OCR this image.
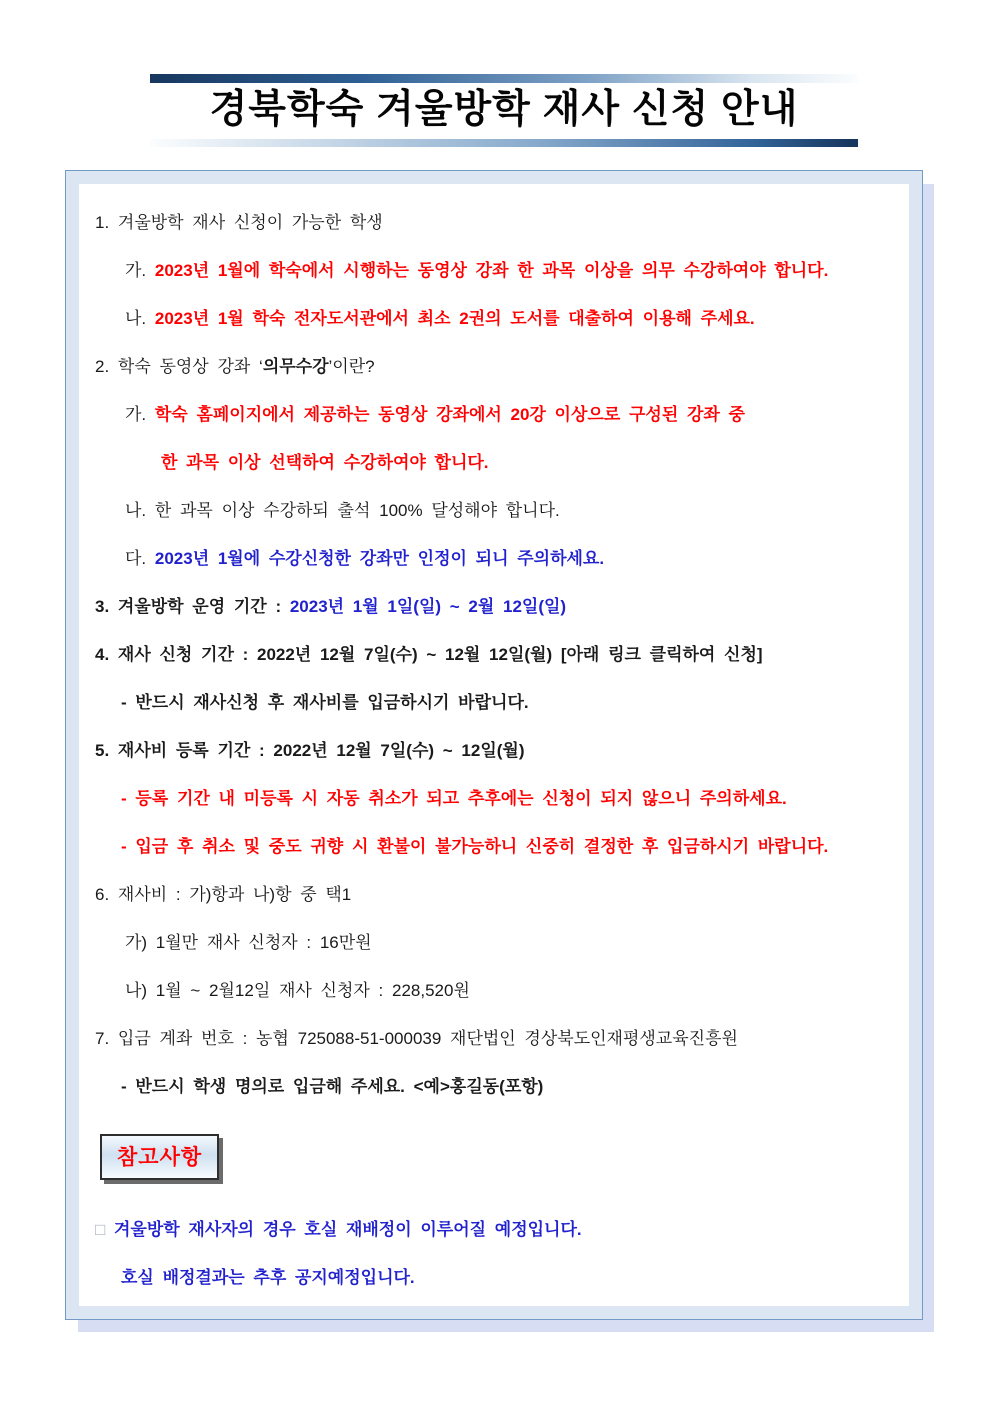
경북학숙 겨울방학 재사 신청 안내
1. 겨울방학 재사 신청이 가능한 학생
가. 2023년 1월에 학숙에서 시행하는 동영상 강좌 한 과목 이상을 의무 수강하여야 합니다.
나. 2023년 1월 학숙 전자도서관에서 최소 2권의 도서를 대출하여 이용해 주세요.
2. 학숙 동영상 강좌 ‘의무수강’이란?
가. 학숙 홈페이지에서 제공하는 동영상 강좌에서 20강 이상으로 구성된 강좌 중
한 과목 이상 선택하여 수강하여야 합니다.
나. 한 과목 이상 수강하되 출석 100% 달성해야 합니다.
다. 2023년 1월에 수강신청한 강좌만 인정이 되니 주의하세요.
3. 겨울방학 운영 기간 : 2023년 1월 1일(일) ~ 2월 12일(일)
4. 재사 신청 기간 : 2022년 12월 7일(수) ~ 12월 12일(월) [아래 링크 클릭하여 신청]
- 반드시 재사신청 후 재사비를 입금하시기 바랍니다.
5. 재사비 등록 기간 : 2022년 12월 7일(수) ~ 12일(월)
- 등록 기간 내 미등록 시 자동 취소가 되고 추후에는 신청이 되지 않으니 주의하세요.
- 입금 후 취소 및 중도 귀향 시 환불이 불가능하니 신중히 결정한 후 입금하시기 바랍니다.
6. 재사비 : 가)항과 나)항 중 택1
가) 1월만 재사 신청자 : 16만원
나) 1월 ~ 2월12일 재사 신청자 : 228,520원
7. 입금 계좌 번호 : 농협 725088-51-000039 재단법인 경상북도인재평생교육진흥원
- 반드시 학생 명의로 입금해 주세요. <예>홍길동(포항)
참고사항
□ 겨울방학 재사자의 경우 호실 재배정이 이루어질 예정입니다.
호실 배정결과는 추후 공지예정입니다.
